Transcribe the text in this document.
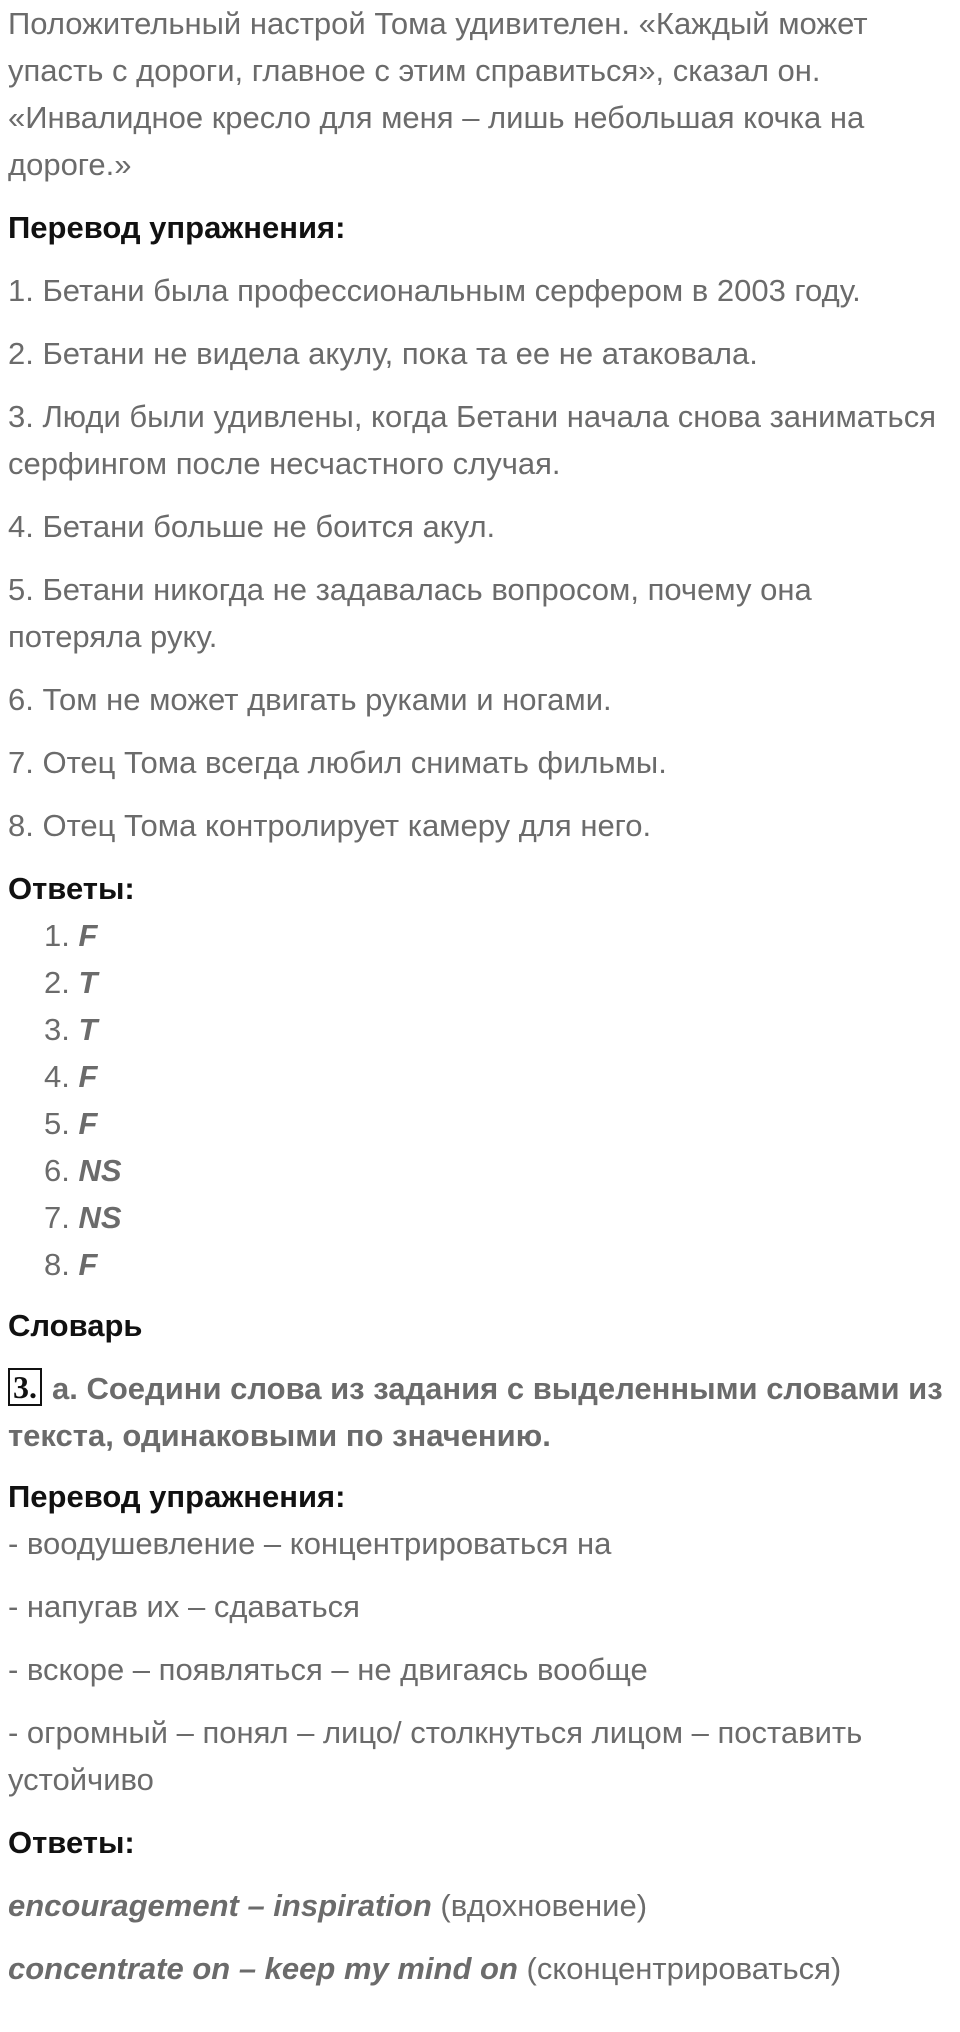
Положительный настрой Тома удивителен. «Каждый может упасть с дороги, главное с этим справиться», сказал он. «Инвалидное кресло для меня – лишь небольшая кочка на дороге.»

Перевод упражнения:

1. Бетани была профессиональным серфером в 2003 году.

2. Бетани не видела акулу, пока та ее не атаковала.

3. Люди были удивлены, когда Бетани начала снова заниматься серфингом после несчастного случая.

4. Бетани больше не боится акул.

5. Бетани никогда не задавалась вопросом, почему она потеряла руку.

6. Том не может двигать руками и ногами.

7. Отец Тома всегда любил снимать фильмы.

8. Отец Тома контролирует камеру для него.

Ответы:

1. F
2. T
3. T
4. F
5. F
6. NS
7. NS
8. F

Словарь

3. а. Соедини слова из задания с выделенными словами из текста, одинаковыми по значению.

Перевод упражнения:

- воодушевление – концентрироваться на

- напугав их – сдаваться

- вскоре – появляться – не двигаясь вообще

- огромный – понял – лицо/ столкнуться лицом – поставить устойчиво

Ответы:

encouragement – inspiration (вдохновение)

concentrate on – keep my mind on (сконцентрироваться)
